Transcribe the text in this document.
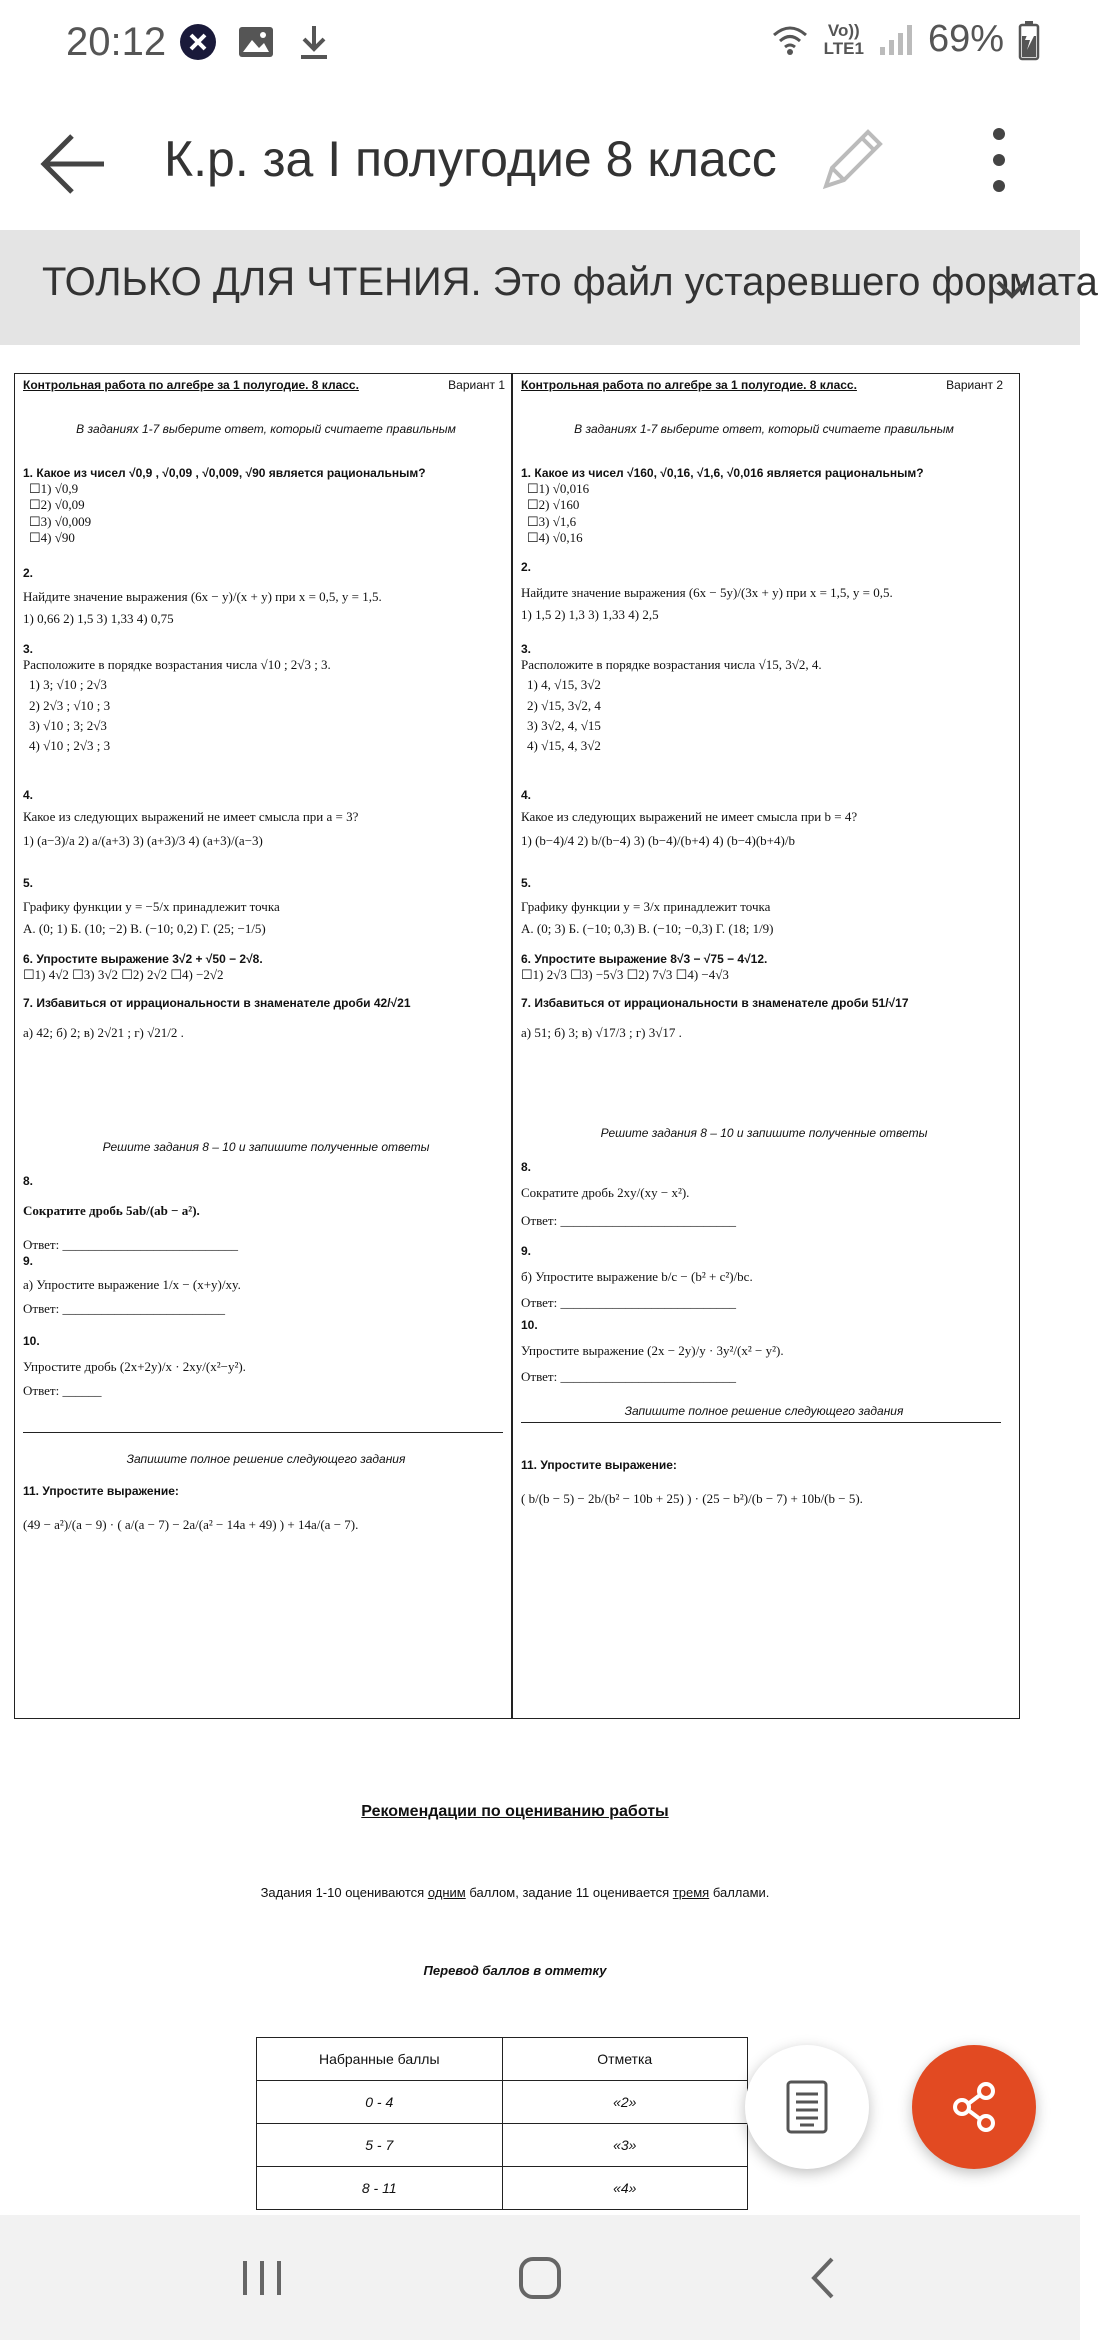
20:12	Vo))
LTE1 69%
К.р. за I полугодие 8 класс
ТОЛЬКО ДЛЯ ЧТЕНИЯ. Это файл устаревшего формата
Контрольная работа по алгебре за 1 полугодие. 8 класс.	Вариант 1
В заданиях 1-7 выберите ответ, который считаете правильным
1. Какое из чисел √0,9 , √0,09 , √0,009, √90 является рациональным?
☐1) √0,9
☐2) √0,09
☐3) √0,009
☐4) √90
2.
Найдите значение выражения (6x − y)/(x + y) при x = 0,5, y = 1,5.
1) 0,66 2) 1,5 3) 1,33 4) 0,75
3.
Расположите в порядке возрастания числа √10 ; 2√3 ; 3.
1) 3; √10 ; 2√3
2) 2√3 ; √10 ; 3
3) √10 ; 3; 2√3
4) √10 ; 2√3 ; 3
4.
Какое из следующих выражений не имеет смысла при a = 3?
1) (a−3)/a 2) a/(a+3) 3) (a+3)/3 4) (a+3)/(a−3)
5.
Графику функции y = −5/x принадлежит точка
А. (0; 1) Б. (10; −2) В. (−10; 0,2) Г. (25; −1/5)
6. Упростите выражение 3√2 + √50 − 2√8.
☐1) 4√2 ☐3) 3√2 ☐2) 2√2 ☐4) −2√2
7. Избавиться от иррациональности в знаменателе дроби 42/√21
а) 42; б) 2; в) 2√21 ; г) √21/2 .
Решите задания 8 – 10 и запишите полученные ответы
8.
Сократите дробь 5ab/(ab − a²).
Ответ: ___________________________
9.
а) Упростите выражение 1/x − (x+y)/xy.
Ответ: _________________________
10.
Упростите дробь (2x+2y)/x · 2xy/(x²−y²).
Ответ: ______
Запишите полное решение следующего задания
11. Упростите выражение:
(49 − a²)/(a − 9) · ( a/(a − 7) − 2a/(a² − 14a + 49) ) + 14a/(a − 7).
Контрольная работа по алгебре за 1 полугодие. 8 класс.	Вариант 2
В заданиях 1-7 выберите ответ, который считаете правильным
1. Какое из чисел √160, √0,16, √1,6, √0,016 является рациональным?
☐1) √0,016
☐2) √160
☐3) √1,6
☐4) √0,16
2.
Найдите значение выражения (6x − 5y)/(3x + y) при x = 1,5, y = 0,5.
1) 1,5 2) 1,3 3) 1,33 4) 2,5
3.
Расположите в порядке возрастания числа √15, 3√2, 4.
1) 4, √15, 3√2
2) √15, 3√2, 4
3) 3√2, 4, √15
4) √15, 4, 3√2
4.
Какое из следующих выражений не имеет смысла при b = 4?
1) (b−4)/4 2) b/(b−4) 3) (b−4)/(b+4) 4) (b−4)(b+4)/b
5.
Графику функции y = 3/x принадлежит точка
А. (0; 3) Б. (−10; 0,3) В. (−10; −0,3) Г. (18; 1/9)
6. Упростите выражение 8√3 − √75 − 4√12.
☐1) 2√3 ☐3) −5√3 ☐2) 7√3 ☐4) −4√3
7. Избавиться от иррациональности в знаменателе дроби 51/√17
а) 51; б) 3; в) √17/3 ; г) 3√17 .
Решите задания 8 – 10 и запишите полученные ответы
8.
Сократите дробь 2xy/(xy − x²).
Ответ: ___________________________
9.
б) Упростите выражение b/c − (b² + c²)/bc.
Ответ: ___________________________
10.
Упростите выражение (2x − 2y)/y · 3y²/(x² − y²).
Ответ: ___________________________
Запишите полное решение следующего задания
11. Упростите выражение:
( b/(b − 5) − 2b/(b² − 10b + 25) ) · (25 − b²)/(b − 7) + 10b/(b − 5).
Рекомендации по оцениванию работы
Задания 1-10 оцениваются одним баллом, задание 11 оценивается тремя баллами.
Перевод баллов в отметку
Набранные баллы	Отметка
0 - 4	«2»
5 - 7	«3»
8 - 11	«4»
